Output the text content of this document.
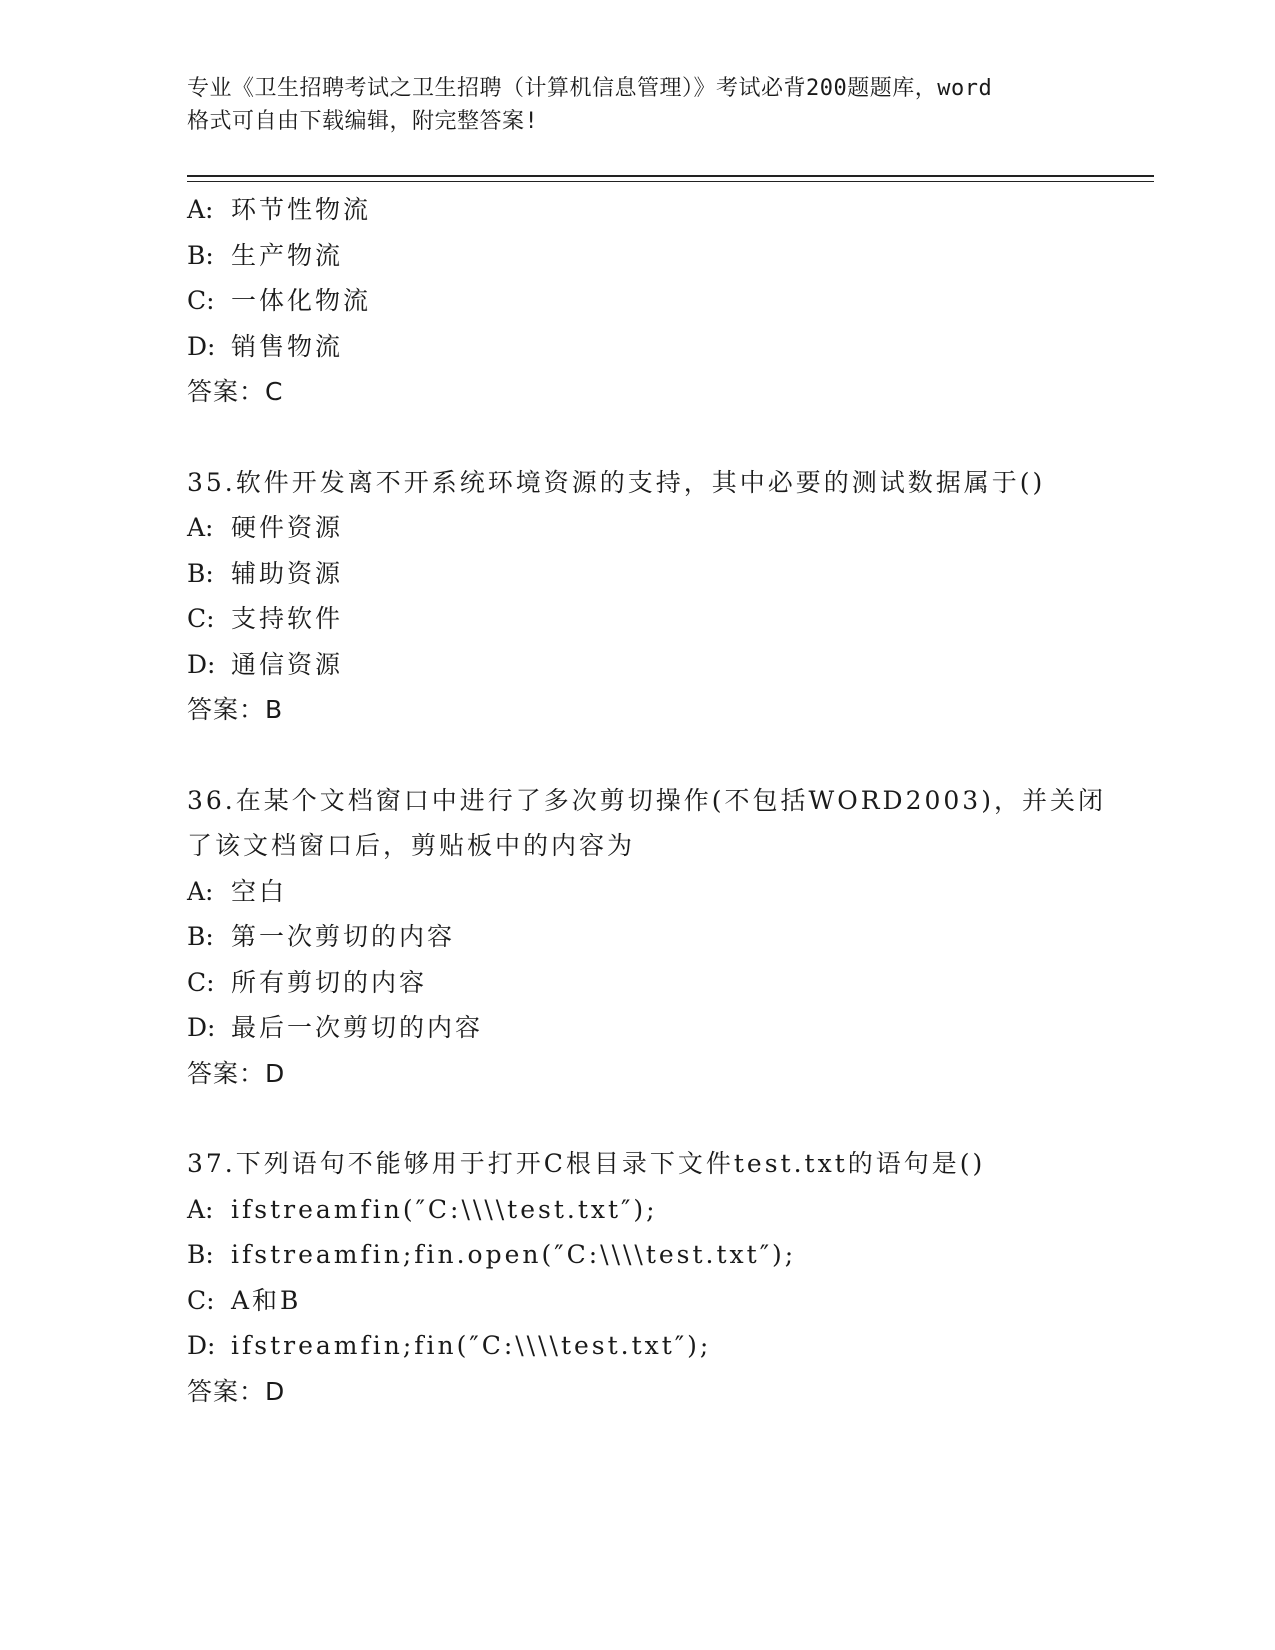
专业《卫生招聘考试之卫生招聘（计算机信息管理）》考试必背200题题库，word
格式可自由下载编辑，附完整答案!
A: 环节性物流
B: 生产物流
C: 一体化物流
D: 销售物流
答案：C
35.软件开发离不开系统环境资源的支持，其中必要的测试数据属于()
A: 硬件资源
B: 辅助资源
C: 支持软件
D: 通信资源
答案：B
36.在某个文档窗口中进行了多次剪切操作(不包括WORD2003)，并关闭
了该文档窗口后，剪贴板中的内容为
A: 空白
B: 第一次剪切的内容
C: 所有剪切的内容
D: 最后一次剪切的内容
答案：D
37.下列语句不能够用于打开C根目录下文件test.txt的语句是()
A: ifstreamfin(″C:\\\\test.txt″);
B: ifstreamfin;fin.open(″C:\\\\test.txt″);
C: A和B
D: ifstreamfin;fin(″C:\\\\test.txt″);
答案：D
